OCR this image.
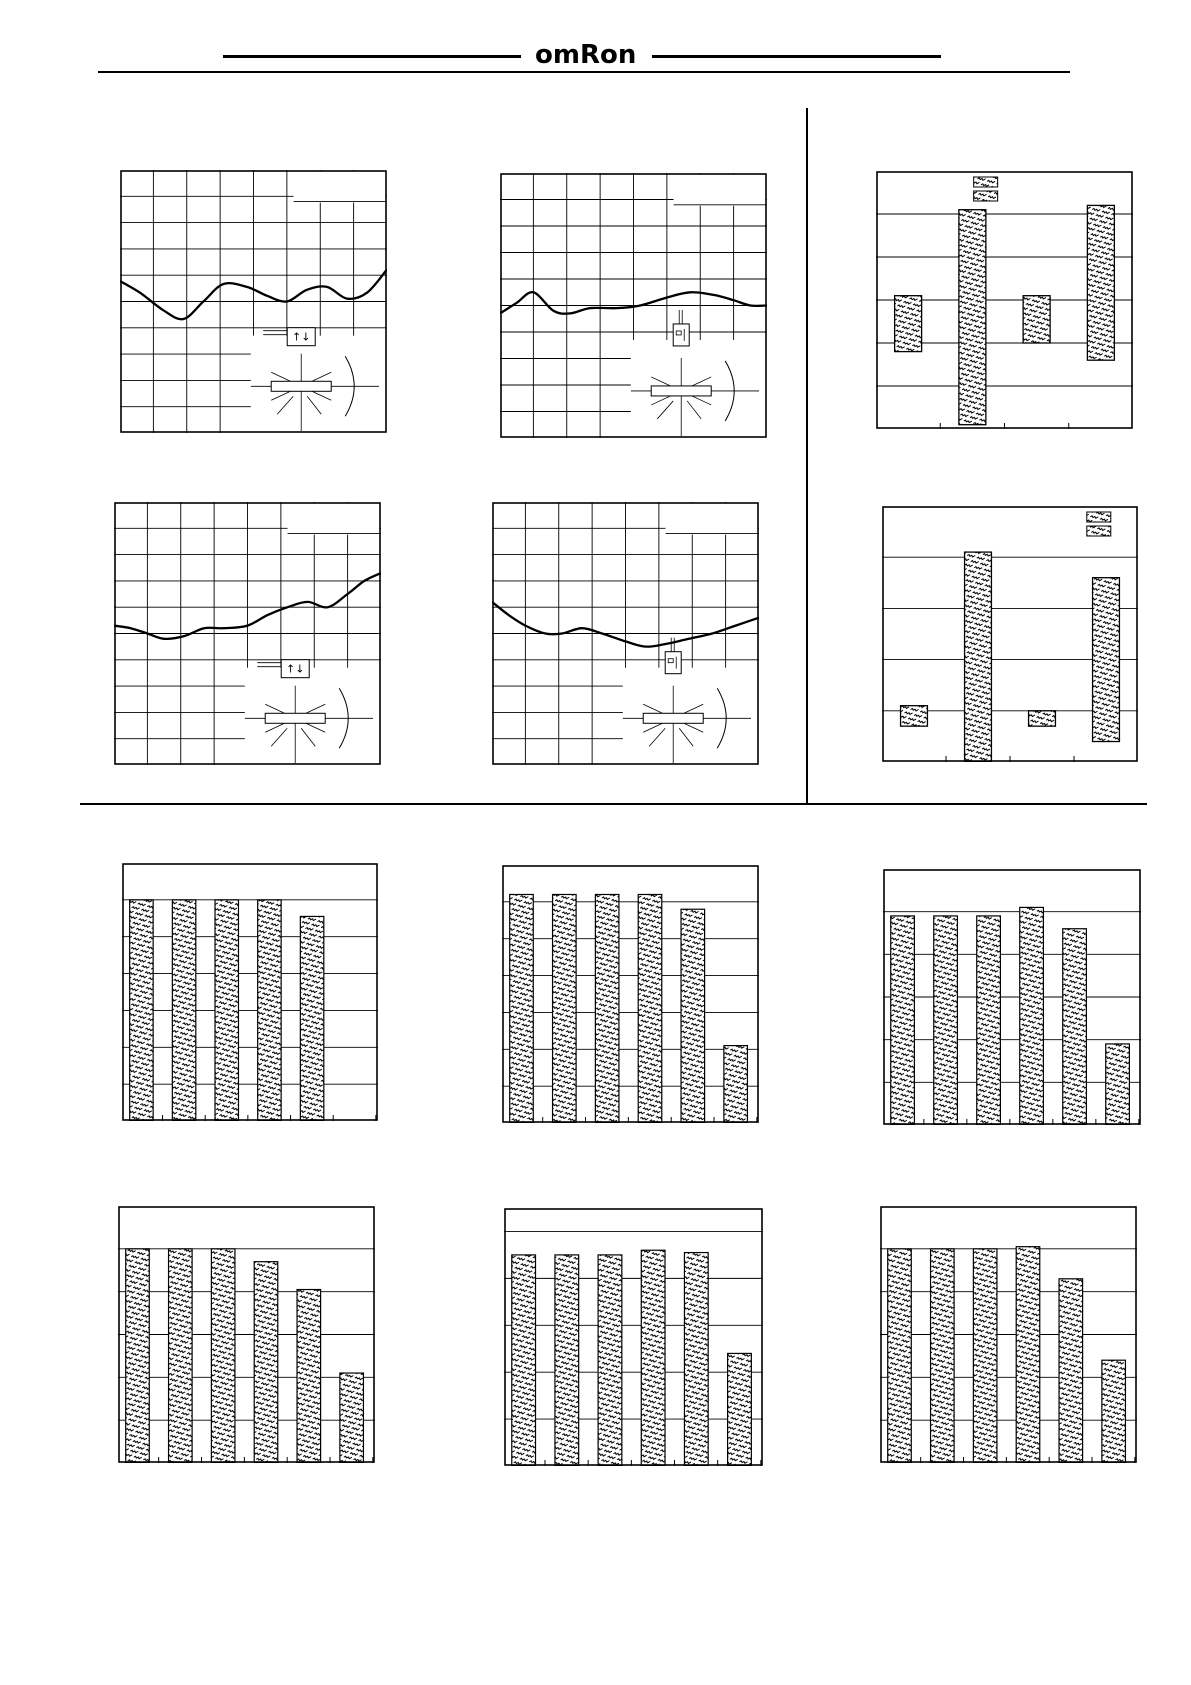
omRon
↑↓
↑↓
